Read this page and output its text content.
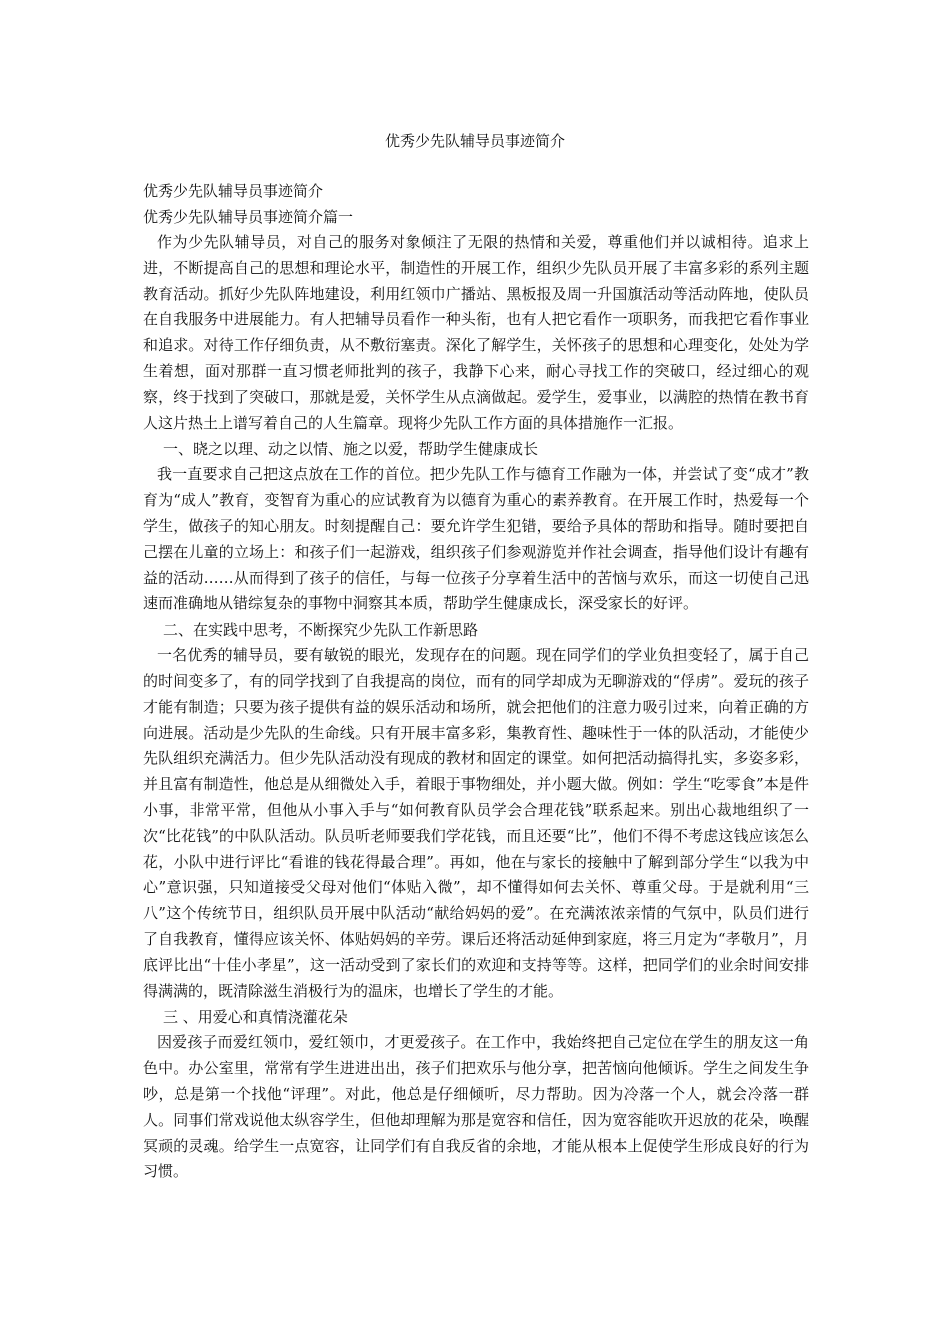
优秀少先队辅导员事迹简介

优秀少先队辅导员事迹简介

优秀少先队辅导员事迹简介篇一

作为少先队辅导员，对自己的服务对象倾注了无限的热情和关爱，尊重他们并以诚相待。追求上进，不断提高自己的思想和理论水平，制造性的开展工作，组织少先队员开展了丰富多彩的系列主题教育活动。抓好少先队阵地建设，利用红领巾广播站、黑板报及周一升国旗活动等活动阵地，使队员在自我服务中进展能力。有人把辅导员看作一种头衔，也有人把它看作一项职务，而我把它看作事业和追求。对待工作仔细负责，从不敷衍塞责。深化了解学生，关怀孩子的思想和心理变化，处处为学生着想，面对那群一直习惯老师批判的孩子，我静下心来，耐心寻找工作的突破口，经过细心的观察，终于找到了突破口，那就是爱，关怀学生从点滴做起。爱学生，爱事业，以满腔的热情在教书育人这片热土上谱写着自己的人生篇章。现将少先队工作方面的具体措施作一汇报。

一、晓之以理、动之以情、施之以爱，帮助学生健康成长

我一直要求自己把这点放在工作的首位。把少先队工作与德育工作融为一体，并尝试了变“成才”教育为“成人”教育，变智育为重心的应试教育为以德育为重心的素养教育。在开展工作时，热爱每一个学生，做孩子的知心朋友。时刻提醒自己：要允许学生犯错，要给予具体的帮助和指导。随时要把自己摆在儿童的立场上：和孩子们一起游戏，组织孩子们参观游览并作社会调查，指导他们设计有趣有益的活动……从而得到了孩子的信任，与每一位孩子分享着生活中的苦恼与欢乐，而这一切使自己迅速而准确地从错综复杂的事物中洞察其本质，帮助学生健康成长，深受家长的好评。

二、在实践中思考，不断探究少先队工作新思路

一名优秀的辅导员，要有敏锐的眼光，发现存在的问题。现在同学们的学业负担变轻了，属于自己的时间变多了，有的同学找到了自我提高的岗位，而有的同学却成为无聊游戏的“俘虏”。爱玩的孩子才能有制造；只要为孩子提供有益的娱乐活动和场所，就会把他们的注意力吸引过来，向着正确的方向进展。活动是少先队的生命线。只有开展丰富多彩，集教育性、趣味性于一体的队活动，才能使少先队组织充满活力。但少先队活动没有现成的教材和固定的课堂。如何把活动搞得扎实，多姿多彩，并且富有制造性，他总是从细微处入手，着眼于事物细处，并小题大做。例如：学生“吃零食”本是件小事，非常平常，但他从小事入手与“如何教育队员学会合理花钱”联系起来。别出心裁地组织了一次“比花钱”的中队队活动。队员听老师要我们学花钱，而且还要“比”，他们不得不考虑这钱应该怎么花，小队中进行评比“看谁的钱花得最合理”。再如，他在与家长的接触中了解到部分学生“以我为中心”意识强，只知道接受父母对他们“体贴入微”，却不懂得如何去关怀、尊重父母。于是就利用“三八”这个传统节日，组织队员开展中队活动“献给妈妈的爱”。在充满浓浓亲情的气氛中，队员们进行了自我教育，懂得应该关怀、体贴妈妈的辛劳。课后还将活动延伸到家庭，将三月定为“孝敬月”，月底评比出“十佳小孝星”，这一活动受到了家长们的欢迎和支持等等。这样，把同学们的业余时间安排得满满的，既清除滋生消极行为的温床，也增长了学生的才能。

三 、用爱心和真情浇灌花朵

因爱孩子而爱红领巾，爱红领巾，才更爱孩子。在工作中，我始终把自己定位在学生的朋友这一角色中。办公室里，常常有学生进进出出，孩子们把欢乐与他分享，把苦恼向他倾诉。学生之间发生争吵，总是第一个找他“评理”。对此，他总是仔细倾听，尽力帮助。因为冷落一个人，就会冷落一群人。同事们常戏说他太纵容学生，但他却理解为那是宽容和信任，因为宽容能吹开迟放的花朵，唤醒冥顽的灵魂。给学生一点宽容，让同学们有自我反省的余地，才能从根本上促使学生形成良好的行为习惯。
